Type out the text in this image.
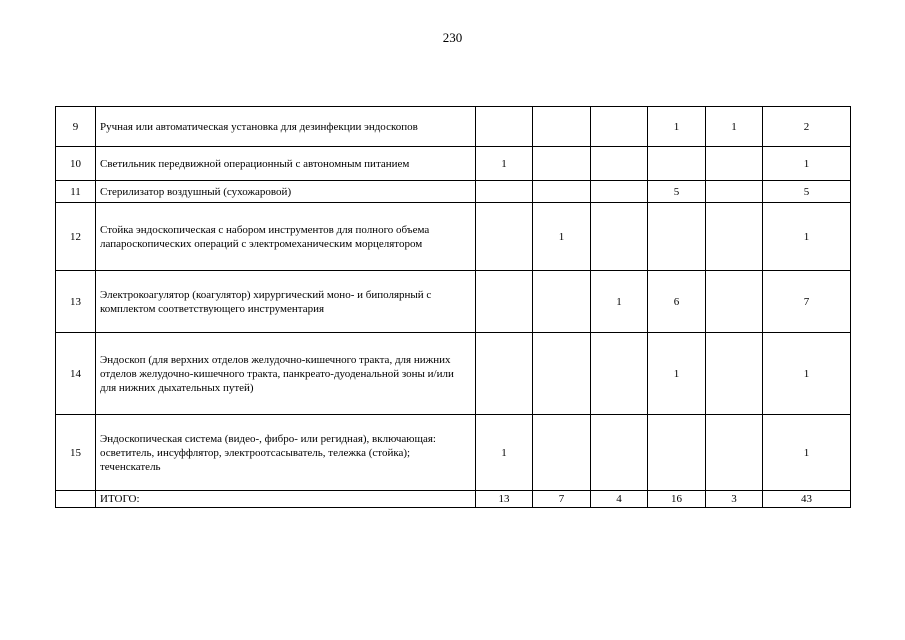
230
9	Ручная или автоматическая установка для дезинфекции эндоскопов				1	1	2
10	Светильник передвижной операционный с автономным питанием	1					1
11	Стерилизатор воздушный (сухожаровой)				5		5
12	Стойка эндоскопическая с набором инструментов для полного объема лапароскопических операций с электромеханическим морцелятором		1				1
13	Электрокоагулятор (коагулятор) хирургический моно- и биполярный с комплектом соответствующего инструментария			1	6		7
14	Эндоскоп (для верхних отделов желудочно-кишечного тракта, для нижних отделов желудочно-кишечного тракта, панкреато-дуоденальной зоны и/или для нижних дыхательных путей)				1		1
15	Эндоскопическая система (видео-, фибро- или регидная), включающая: осветитель, инсуффлятор, электроотсасыватель, тележка (стойка); теченскатель	1					1
	ИТОГО:	13	7	4	16	3	43
